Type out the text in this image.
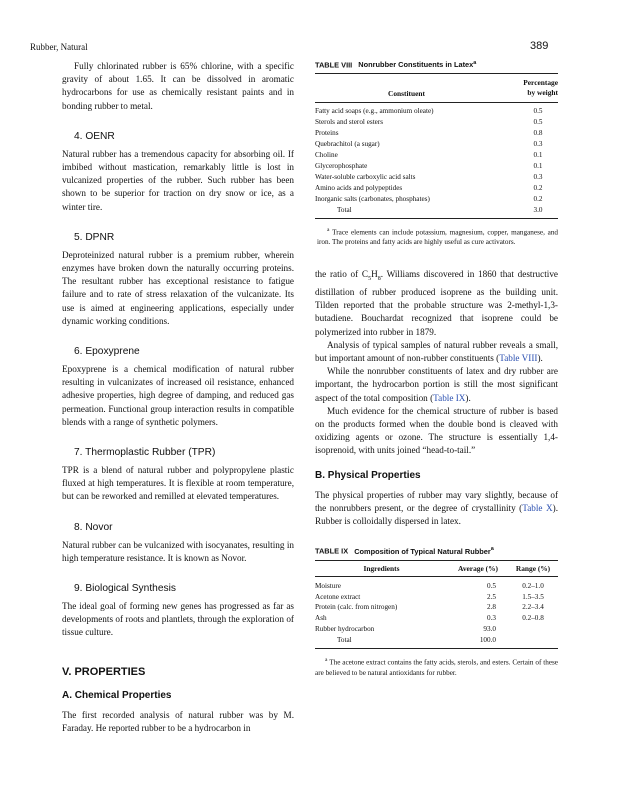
Rubber, Natural	389

Fully chlorinated rubber is 65% chlorine, with a specific gravity of about 1.65. It can be dissolved in aromatic hydrocarbons for use as chemically resistant paints and in bonding rubber to metal.

4. OENR

Natural rubber has a tremendous capacity for absorbing oil. If imbibed without mastication, remarkably little is lost in vulcanized properties of the rubber. Such rubber has been shown to be superior for traction on dry snow or ice, as a winter tire.

5. DPNR

Deproteinized natural rubber is a premium rubber, wherein enzymes have broken down the naturally occurring proteins. The resultant rubber has exceptional resistance to fatigue failure and to rate of stress relaxation of the vulcanizate. Its use is aimed at engineering applications, especially under dynamic working conditions.

6. Epoxyprene

Epoxyprene is a chemical modification of natural rubber resulting in vulcanizates of increased oil resistance, enhanced adhesive properties, high degree of damping, and reduced gas permeation. Functional group interaction results in compatible blends with a range of synthetic polymers.

7. Thermoplastic Rubber (TPR)

TPR is a blend of natural rubber and polypropylene plastic fluxed at high temperatures. It is flexible at room temperature, but can be reworked and remilled at elevated temperatures.

8. Novor

Natural rubber can be vulcanized with isocyanates, resulting in high temperature resistance. It is known as Novor.

9. Biological Synthesis

The ideal goal of forming new genes has progressed as far as developments of roots and plantlets, through the exploration of tissue culture.

V. PROPERTIES
A. Chemical Properties

The first recorded analysis of natural rubber was by M. Faraday. He reported rubber to be a hydrocarbon in

TABLE VIII Nonrubber Constituents in Latex$^a$
Constituent	Percentage
by weight

Fatty acid soaps (e.g., ammonium oleate)	0.5
Sterols and sterol esters	0.5
Proteins	0.8
Quebrachitol (a sugar)	0.3
Choline	0.1
Glycerophosphate	0.1
Water-soluble carboxylic acid salts	0.3
Amino acids and polypeptides	0.2
Inorganic salts (carbonates, phosphates)	0.2
Total	3.0
$^a$ Trace elements can include potassium, magnesium, copper, manganese, and iron. The proteins and fatty acids are highly useful as cure activators.

the ratio of $C_5H_8$. Williams discovered in 1860 that destructive distillation of rubber produced isoprene as the building unit. Tilden reported that the probable structure was 2-methyl-1,3-butadiene. Bouchardat recognized that isoprene could be polymerized into rubber in 1879.

Analysis of typical samples of natural rubber reveals a small, but important amount of non-rubber constituents (Table VIII).

While the nonrubber constituents of latex and dry rubber are important, the hydrocarbon portion is still the most significant aspect of the total composition (Table IX).

Much evidence for the chemical structure of rubber is based on the products formed when the double bond is cleaved with oxidizing agents or ozone. The structure is essentially 1,4-isoprenoid, with units joined “head-to-tail.”

B. Physical Properties

The physical properties of rubber may vary slightly, because of the nonrubbers present, or the degree of crystallinity (Table X). Rubber is colloidally dispersed in latex.

TABLE IX Composition of Typical Natural Rubber$^a$
Ingredients	Average (%)	Range (%)

Moisture	0.5	0.2–1.0
Acetone extract	2.5	1.5–3.5
Protein (calc. from nitrogen)	2.8	2.2–3.4
Ash	0.3	0.2–0.8
Rubber hydrocarbon	93.0	
Total	100.0	
$^a$ The acetone extract contains the fatty acids, sterols, and esters. Certain of these are believed to be natural antioxidants for rubber.
